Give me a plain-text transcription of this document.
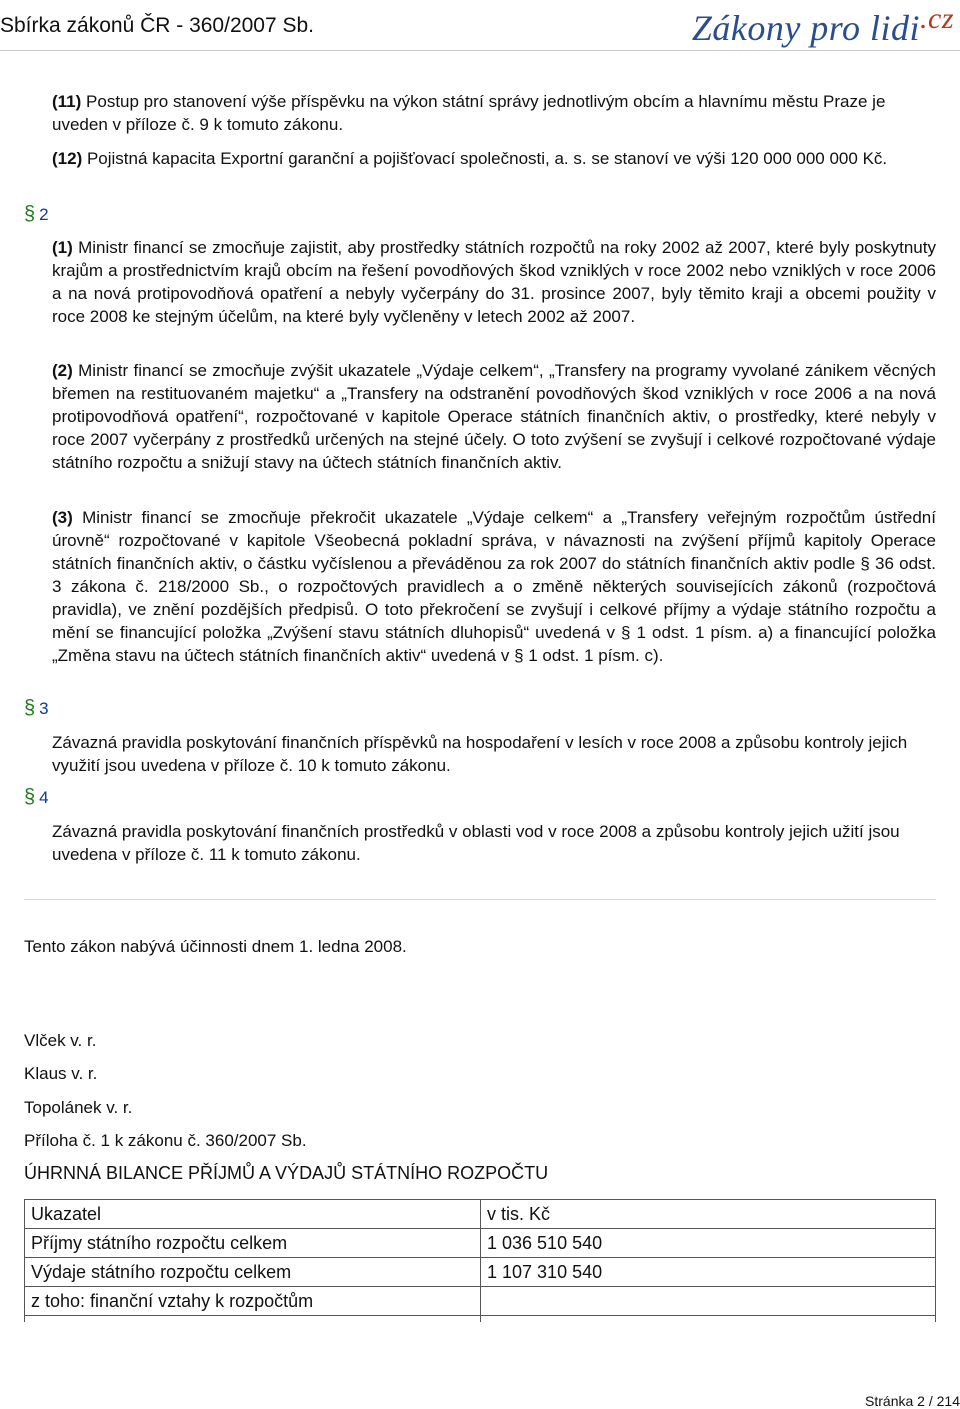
Sbírka zákonů ČR - 360/2007 Sb.	Zákony pro lidi$^{.cz}$

(11) Postup pro stanovení výše příspěvku na výkon státní správy jednotlivým obcím a hlavnímu městu Praze je uveden v příloze č. 9 k tomuto zákonu.

(12) Pojistná kapacita Exportní garanční a pojišťovací společnosti, a. s. se stanoví ve výši 120 000 000 000 Kč.

§ 2

(1) Ministr financí se zmocňuje zajistit, aby prostředky státních rozpočtů na roky 2002 až 2007, které byly poskytnuty krajům a prostřednictvím krajů obcím na řešení povodňových škod vzniklých v roce 2002 nebo vzniklých v roce 2006 a na nová protipovodňová opatření a nebyly vyčerpány do 31. prosince 2007, byly těmito kraji a obcemi použity v roce 2008 ke stejným účelům, na které byly vyčleněny v letech 2002 až 2007.

(2) Ministr financí se zmocňuje zvýšit ukazatele „Výdaje celkem“, „Transfery na programy vyvolané zánikem věcných břemen na restituovaném majetku“ a „Transfery na odstranění povodňových škod vzniklých v roce 2006 a na nová protipovodňová opatření“, rozpočtované v kapitole Operace státních finančních aktiv, o prostředky, které nebyly v roce 2007 vyčerpány z prostředků určených na stejné účely. O toto zvýšení se zvyšují i celkové rozpočtované výdaje státního rozpočtu a snižují stavy na účtech státních finančních aktiv.

(3) Ministr financí se zmocňuje překročit ukazatele „Výdaje celkem“ a „Transfery veřejným rozpočtům ústřední úrovně“ rozpočtované v kapitole Všeobecná pokladní správa, v návaznosti na zvýšení příjmů kapitoly Operace státních finančních aktiv, o částku vyčíslenou a převáděnou za rok 2007 do státních finančních aktiv podle § 36 odst. 3 zákona č. 218/2000 Sb., o rozpočtových pravidlech a o změně některých souvisejících zákonů (rozpočtová pravidla), ve znění pozdějších předpisů. O toto překročení se zvyšují i celkové příjmy a výdaje státního rozpočtu a mění se financující položka „Zvýšení stavu státních dluhopisů“ uvedená v § 1 odst. 1 písm. a) a financující položka „Změna stavu na účtech státních finančních aktiv“ uvedená v § 1 odst. 1 písm. c).

§ 3

Závazná pravidla poskytování finančních příspěvků na hospodaření v lesích v roce 2008 a způsobu kontroly jejich využití jsou uvedena v příloze č. 10 k tomuto zákonu.

§ 4

Závazná pravidla poskytování finančních prostředků v oblasti vod v roce 2008 a způsobu kontroly jejich užití jsou uvedena v příloze č. 11 k tomuto zákonu.

Tento zákon nabývá účinnosti dnem 1. ledna 2008.

Vlček v. r.

Klaus v. r.

Topolánek v. r.

Příloha č. 1 k zákonu č. 360/2007 Sb.

ÚHRNNÁ BILANCE PŘÍJMŮ A VÝDAJŮ STÁTNÍHO ROZPOČTU

Ukazatel	v tis. Kč
Příjmy státního rozpočtu celkem	1 036 510 540
Výdaje státního rozpočtu celkem	1 107 310 540
z toho: finanční vztahy k rozpočtům	

Stránka 2 / 214
